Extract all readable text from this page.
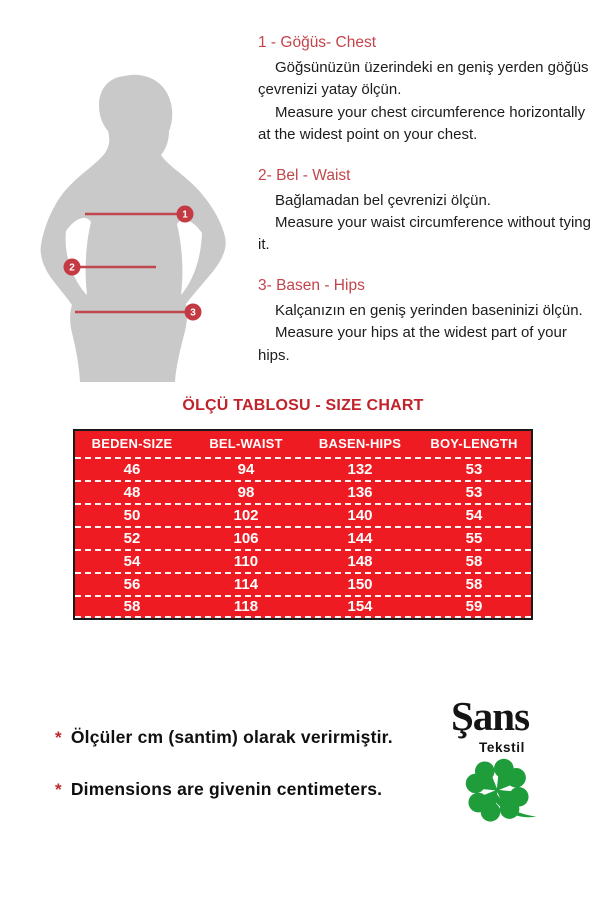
1
2
3
1 - Göğüs- Chest

Göğsünüzün üzerindeki en geniş yerden göğüs çevrenizi yatay ölçün.

Measure your chest circumference horizontally at the widest point on your chest.

2- Bel - Waist

Bağlamadan bel çevrenizi ölçün.

Measure your waist circumference without tying it.

3- Basen - Hips

Kalçanızın en geniş yerinden baseninizi ölçün.

Measure your hips at the widest part of your hips.

ÖLÇÜ TABLOSU - SIZE CHART
BEDEN-SIZE	BEL-WAIST	BASEN-HIPS	BOY-LENGTH
46	94	132	53
48	98	136	53
50	102	140	54
52	106	144	55
54	110	148	58
56	114	150	58
58	118	154	59
* Ölçüler cm (santim) olarak verirmiştir.
* Dimensions are givenin centimeters.
Şans
Tekstil
